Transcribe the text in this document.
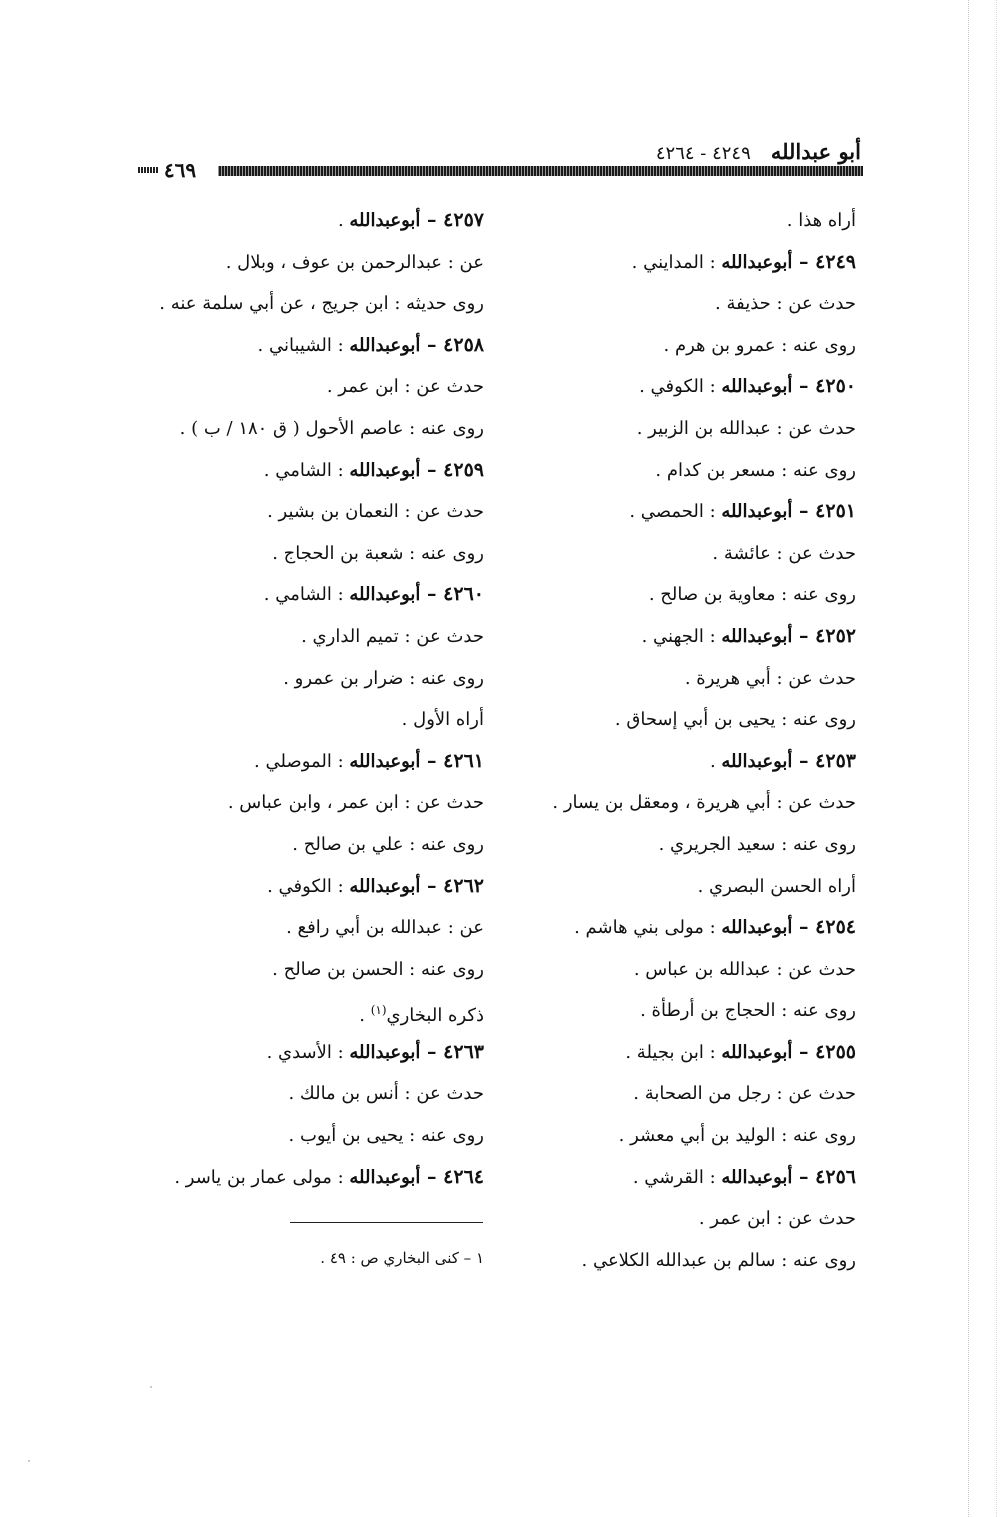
أبو عبدالله ٤٢٤٩ - ٤٢٦٤
٤٦٩
أراه هذا .
٤٢٤٩ – أبوعبدالله : المدايني .
حدث عن : حذيفة .
روى عنه : عمرو بن هرم .
٤٢٥٠ – أبوعبدالله : الكوفي .
حدث عن : عبدالله بن الزبير .
روى عنه : مسعر بن كدام .
٤٢٥١ – أبوعبدالله : الحمصي .
حدث عن : عائشة .
روى عنه : معاوية بن صالح .
٤٢٥٢ – أبوعبدالله : الجهني .
حدث عن : أبي هريرة .
روى عنه : يحيى بن أبي إسحاق .
٤٢٥٣ – أبوعبدالله .
حدث عن : أبي هريرة ، ومعقل بن يسار .
روى عنه : سعيد الجريري .
أراه الحسن البصري .
٤٢٥٤ – أبوعبدالله : مولى بني هاشم .
حدث عن : عبدالله بن عباس .
روى عنه : الحجاج بن أرطأة .
٤٢٥٥ – أبوعبدالله : ابن بجيلة .
حدث عن : رجل من الصحابة .
روى عنه : الوليد بن أبي معشر .
٤٢٥٦ – أبوعبدالله : القرشي .
حدث عن : ابن عمر .
روى عنه : سالم بن عبدالله الكلاعي .
٤٢٥٧ – أبوعبدالله .
عن : عبدالرحمن بن عوف ، وبلال .
روى حديثه : ابن جريج ، عن أبي سلمة عنه .
٤٢٥٨ – أبوعبدالله : الشيباني .
حدث عن : ابن عمر .
روى عنه : عاصم الأحول ( ق ١٨٠ / ب ) .
٤٢٥٩ – أبوعبدالله : الشامي .
حدث عن : النعمان بن بشير .
روى عنه : شعبة بن الحجاج .
٤٢٦٠ – أبوعبدالله : الشامي .
حدث عن : تميم الداري .
روى عنه : ضرار بن عمرو .
أراه الأول .
٤٢٦١ – أبوعبدالله : الموصلي .
حدث عن : ابن عمر ، وابن عباس .
روى عنه : علي بن صالح .
٤٢٦٢ – أبوعبدالله : الكوفي .
عن : عبدالله بن أبي رافع .
روى عنه : الحسن بن صالح .
ذكره البخاري$^{(١)}$ .
٤٢٦٣ – أبوعبدالله : الأسدي .
حدث عن : أنس بن مالك .
روى عنه : يحيى بن أيوب .
٤٢٦٤ – أبوعبدالله : مولى عمار بن ياسر .
١ – كنى البخاري ص : ٤٩ .
